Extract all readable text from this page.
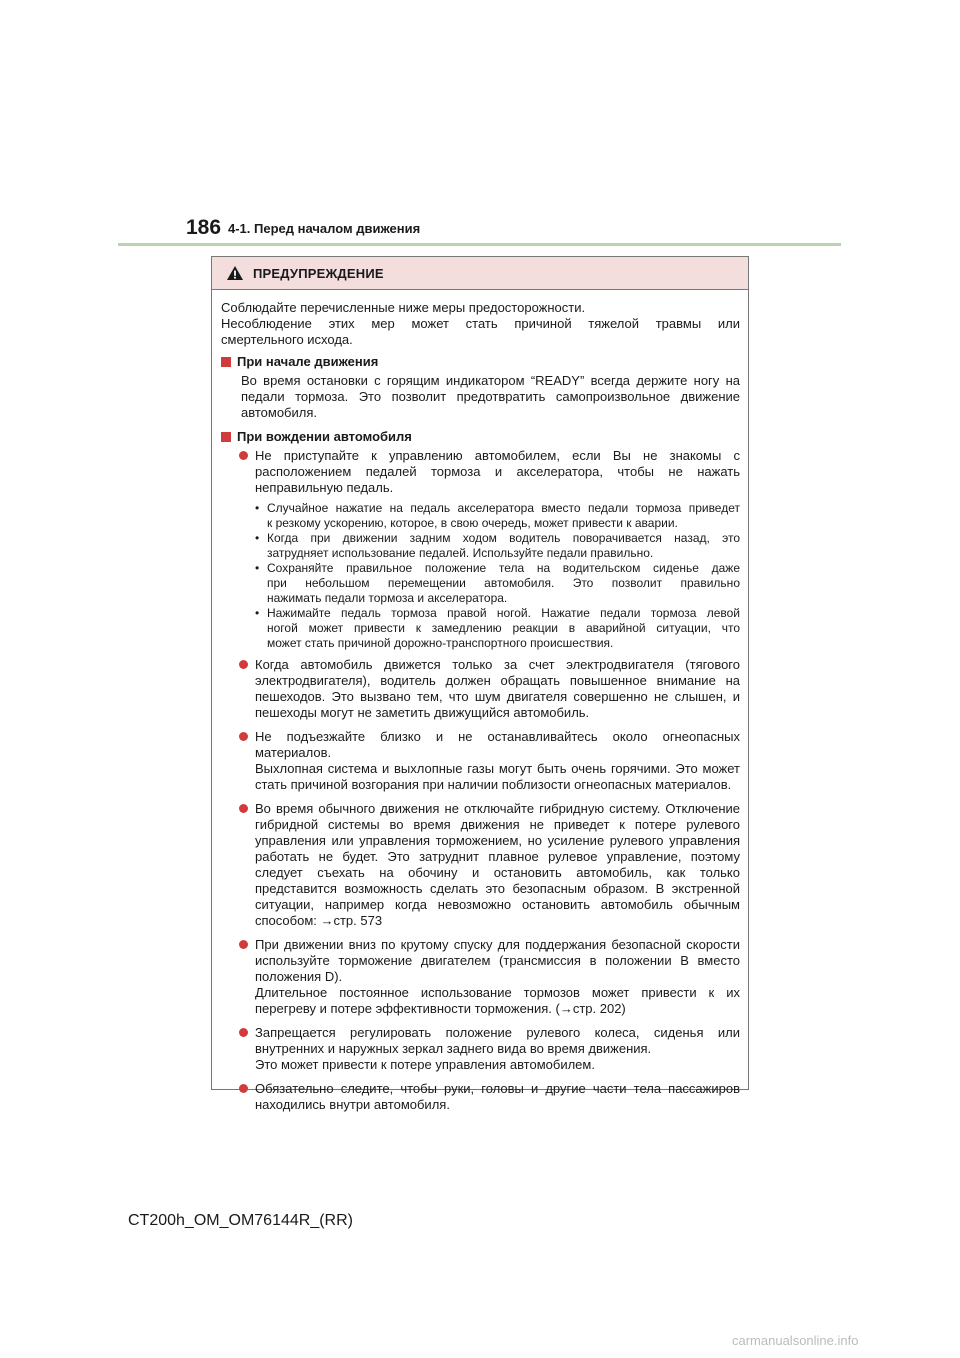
186 4-1. Перед началом движения
ПРЕДУПРЕЖДЕНИЕ

Соблюдайте перечисленные ниже меры предосторожности.

Несоблюдение этих мер может стать причиной тяжелой травмы или

смертельного исхода.

При начале движения

Во время остановки с горящим индикатором “READY” всегда держите ногу на

педали тормоза. Это позволит предотвратить самопроизвольное движение

автомобиля.

При вождении автомобиля

Не приступайте к управлению автомобилем, если Вы не знакомы с

расположением педалей тормоза и акселератора, чтобы не нажать

неправильную педаль.

• Случайное нажатие на педаль акселератора вместо педали тормоза приведет

к резкому ускорению, которое, в свою очередь, может привести к аварии.

• Когда при движении задним ходом водитель поворачивается назад, это

затрудняет использование педалей. Используйте педали правильно.

• Сохраняйте правильное положение тела на водительском сиденье даже

при небольшом перемещении автомобиля. Это позволит правильно

нажимать педали тормоза и акселератора.

• Нажимайте педаль тормоза правой ногой. Нажатие педали тормоза левой

ногой может привести к замедлению реакции в аварийной ситуации, что

может стать причиной дорожно-транспортного происшествия.

Когда автомобиль движется только за счет электродвигателя (тягового

электродвигателя), водитель должен обращать повышенное внимание на

пешеходов. Это вызвано тем, что шум двигателя совершенно не слышен, и

пешеходы могут не заметить движущийся автомобиль.

Не подъезжайте близко и не останавливайтесь около огнеопасных материалов.

Выхлопная система и выхлопные газы могут быть очень горячими. Это может

стать причиной возгорания при наличии поблизости огнеопасных материалов.

Во время обычного движения не отключайте гибридную систему. Отключение

гибридной системы во время движения не приведет к потере рулевого

управления или управления торможением, но усиление рулевого управления

работать не будет. Это затруднит плавное рулевое управление, поэтому

следует съехать на обочину и остановить автомобиль, как только

представится возможность сделать это безопасным образом. В экстренной

ситуации, например когда невозможно остановить автомобиль обычным

способом: →стр. 573

При движении вниз по крутому спуску для поддержания безопасной скорости

используйте торможение двигателем (трансмиссия в положении B вместо

положения D).

Длительное постоянное использование тормозов может привести к их

перегреву и потере эффективности торможения. (→стр. 202)

Запрещается регулировать положение рулевого колеса, сиденья или

внутренних и наружных зеркал заднего вида во время движения.

Это может привести к потере управления автомобилем.

Обязательно следите, чтобы руки, головы и другие части тела пассажиров

находились внутри автомобиля.

CT200h_OM_OM76144R_(RR)
carmanualsonline.info
